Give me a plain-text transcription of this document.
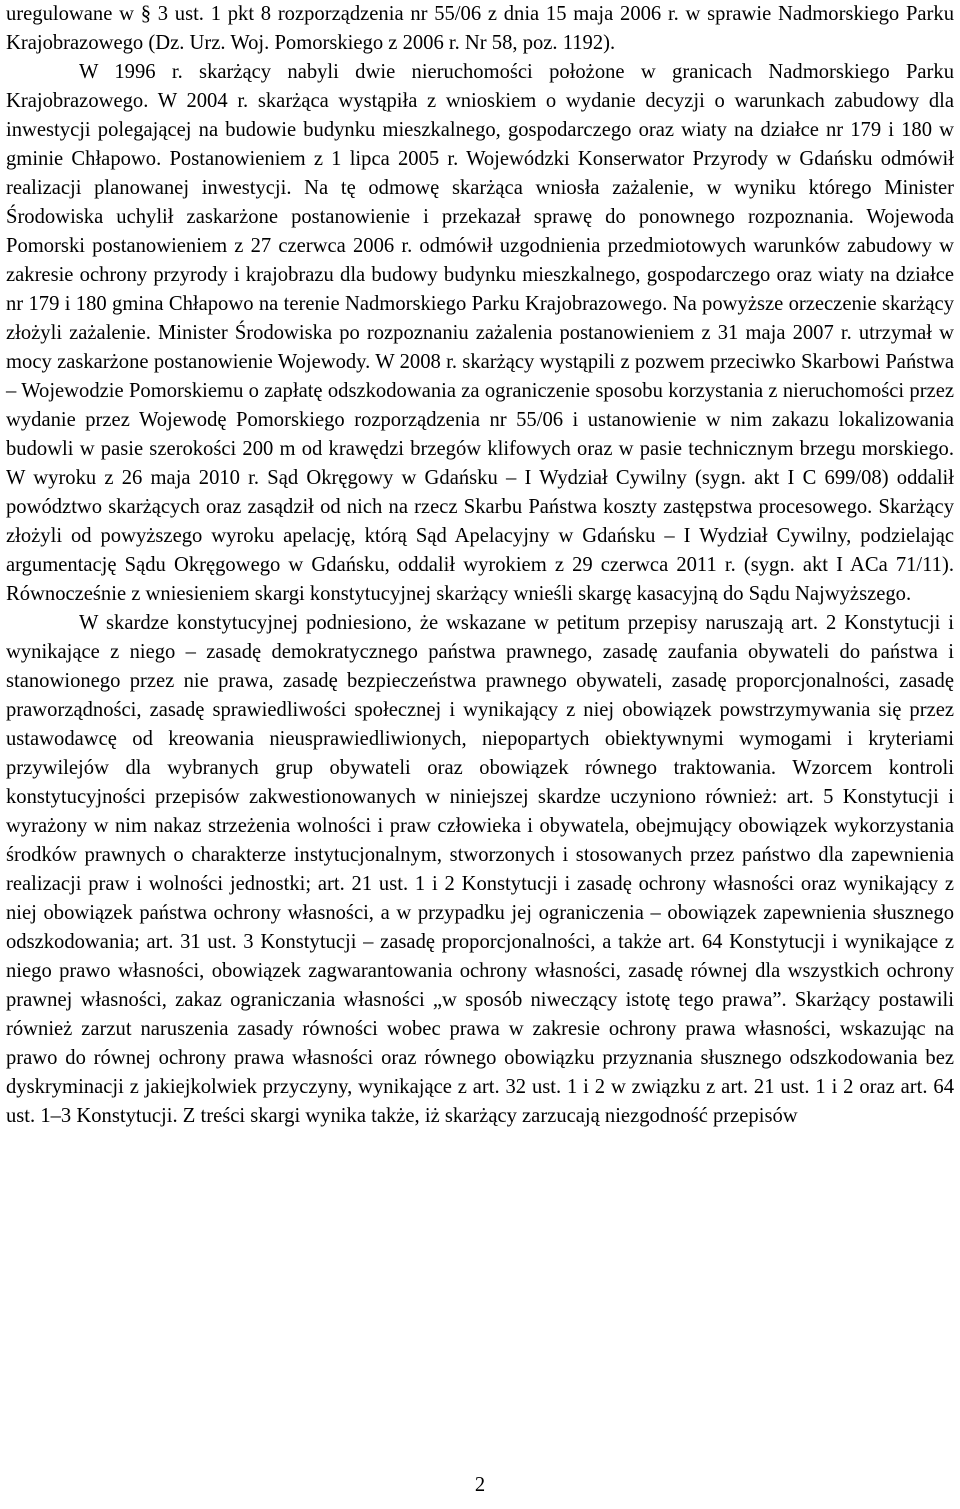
uregulowane w § 3 ust. 1 pkt 8 rozporządzenia nr 55/06 z dnia 15 maja 2006 r. w sprawie Nadmorskiego Parku Krajobrazowego (Dz. Urz. Woj. Pomorskiego z 2006 r. Nr 58, poz. 1192).

W 1996 r. skarżący nabyli dwie nieruchomości położone w granicach Nadmorskiego Parku Krajobrazowego. W 2004 r. skarżąca wystąpiła z wnioskiem o wydanie decyzji o warunkach zabudowy dla inwestycji polegającej na budowie budynku mieszkalnego, gospodarczego oraz wiaty na działce nr 179 i 180 w gminie Chłapowo. Postanowieniem z 1 lipca 2005 r. Wojewódzki Konserwator Przyrody w Gdańsku odmówił realizacji planowanej inwestycji. Na tę odmowę skarżąca wniosła zażalenie, w wyniku którego Minister Środowiska uchylił zaskarżone postanowienie i przekazał sprawę do ponownego rozpoznania. Wojewoda Pomorski postanowieniem z 27 czerwca 2006 r. odmówił uzgodnienia przedmiotowych warunków zabudowy w zakresie ochrony przyrody i krajobrazu dla budowy budynku mieszkalnego, gospodarczego oraz wiaty na działce nr 179 i 180 gmina Chłapowo na terenie Nadmorskiego Parku Krajobrazowego. Na powyższe orzeczenie skarżący złożyli zażalenie. Minister Środowiska po rozpoznaniu zażalenia postanowieniem z 31 maja 2007 r. utrzymał w mocy zaskarżone postanowienie Wojewody. W 2008 r. skarżący wystąpili z pozwem przeciwko Skarbowi Państwa – Wojewodzie Pomorskiemu o zapłatę odszkodowania za ograniczenie sposobu korzystania z nieruchomości przez wydanie przez Wojewodę Pomorskiego rozporządzenia nr 55/06 i ustanowienie w nim zakazu lokalizowania budowli w pasie szerokości 200 m od krawędzi brzegów klifowych oraz w pasie technicznym brzegu morskiego. W wyroku z 26 maja 2010 r. Sąd Okręgowy w Gdańsku – I Wydział Cywilny (sygn. akt I C 699/08) oddalił powództwo skarżących oraz zasądził od nich na rzecz Skarbu Państwa koszty zastępstwa procesowego. Skarżący złożyli od powyższego wyroku apelację, którą Sąd Apelacyjny w Gdańsku – I Wydział Cywilny, podzielając argumentację Sądu Okręgowego w Gdańsku, oddalił wyrokiem z 29 czerwca 2011 r. (sygn. akt I ACa 71/11). Równocześnie z wniesieniem skargi konstytucyjnej skarżący wnieśli skargę kasacyjną do Sądu Najwyższego.

W skardze konstytucyjnej podniesiono, że wskazane w petitum przepisy naruszają art. 2 Konstytucji i wynikające z niego – zasadę demokratycznego państwa prawnego, zasadę zaufania obywateli do państwa i stanowionego przez nie prawa, zasadę bezpieczeństwa prawnego obywateli, zasadę proporcjonalności, zasadę praworządności, zasadę sprawiedliwości społecznej i wynikający z niej obowiązek powstrzymywania się przez ustawodawcę od kreowania nieusprawiedliwionych, niepopartych obiektywnymi wymogami i kryteriami przywilejów dla wybranych grup obywateli oraz obowiązek równego traktowania. Wzorcem kontroli konstytucyjności przepisów zakwestionowanych w niniejszej skardze uczyniono również: art. 5 Konstytucji i wyrażony w nim nakaz strzeżenia wolności i praw człowieka i obywatela, obejmujący obowiązek wykorzystania środków prawnych o charakterze instytucjonalnym, stworzonych i stosowanych przez państwo dla zapewnienia realizacji praw i wolności jednostki; art. 21 ust. 1 i 2 Konstytucji i zasadę ochrony własności oraz wynikający z niej obowiązek państwa ochrony własności, a w przypadku jej ograniczenia – obowiązek zapewnienia słusznego odszkodowania; art. 31 ust. 3 Konstytucji – zasadę proporcjonalności, a także art. 64 Konstytucji i wynikające z niego prawo własności, obowiązek zagwarantowania ochrony własności, zasadę równej dla wszystkich ochrony prawnej własności, zakaz ograniczania własności „w sposób niweczący istotę tego prawa”. Skarżący postawili również zarzut naruszenia zasady równości wobec prawa w zakresie ochrony prawa własności, wskazując na prawo do równej ochrony prawa własności oraz równego obowiązku przyznania słusznego odszkodowania bez dyskryminacji z jakiejkolwiek przyczyny, wynikające z art. 32 ust. 1 i 2 w związku z art. 21 ust. 1 i 2 oraz art. 64 ust. 1–3 Konstytucji. Z treści skargi wynika także, iż skarżący zarzucają niezgodność przepisów

2
